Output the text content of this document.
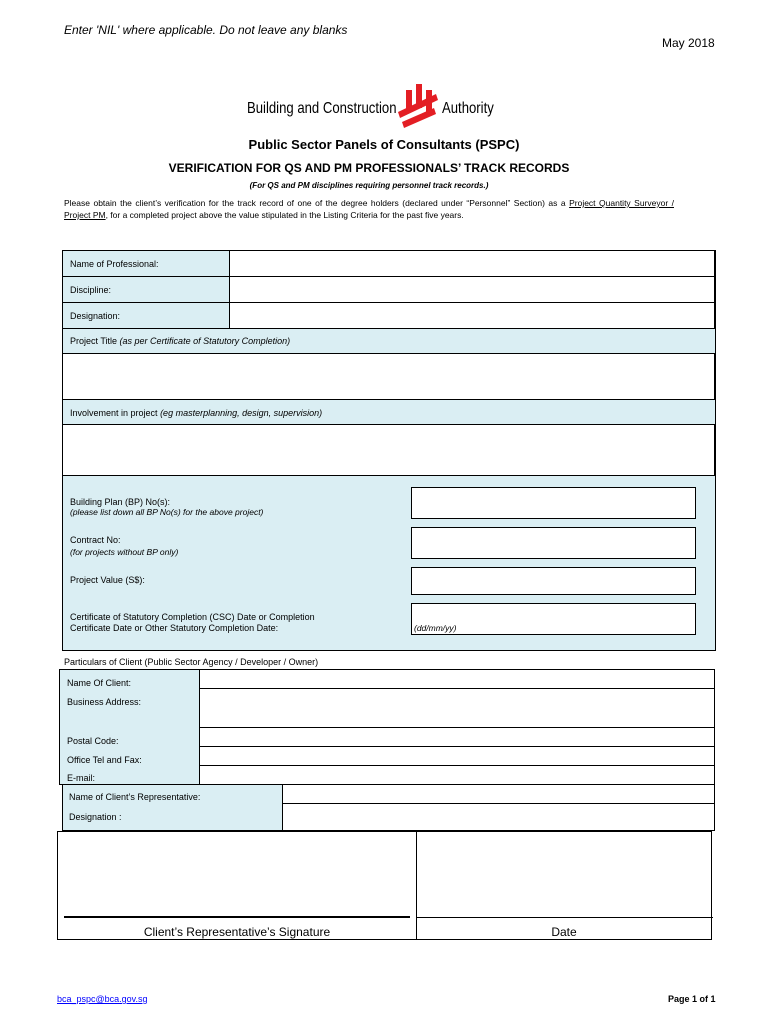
Enter 'NIL' where applicable. Do not leave any blanks
May 2018
Building and Construction	Authority
Public Sector Panels of Consultants (PSPC)
VERIFICATION FOR QS AND PM PROFESSIONALS’ TRACK RECORDS
(For QS and PM disciplines requiring personnel track records.)
Please obtain the client’s verification for the track record of one of the degree holders (declared under “Personnel” Section) as a Project Quantity Surveyor / Project PM, for a completed project above the value stipulated in the Listing Criteria for the past five years.
Name of Professional:
Discipline:
Designation:
Project Title (as per Certificate of Statutory Completion)
Involvement in project (eg masterplanning, design, supervision)
Building Plan (BP) No(s):
(please list down all BP No(s) for the above project)
Contract No:
(for projects without BP only)
Project Value (S$):
Certificate of Statutory Completion (CSC) Date or Completion
Certificate Date or Other Statutory Completion Date:	(dd/mm/yy)
Particulars of Client (Public Sector Agency / Developer / Owner)
Name Of Client:
Business Address:
Postal Code:
Office Tel and Fax:
E-mail:
Name of Client’s Representative:
Designation :
Client’s Representative’s Signature	Date
bca_pspc@bca.gov.sg	Page 1 of 1
